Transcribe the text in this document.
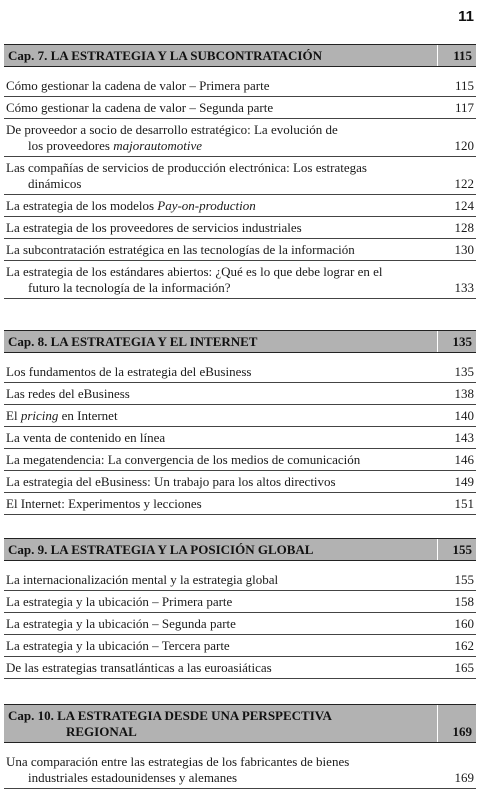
11
Cap. 7. LA ESTRATEGIA Y LA SUBCONTRATACIÓN	115
Cómo gestionar la cadena de valor – Primera parte	115
Cómo gestionar la cadena de valor – Segunda parte	117
De proveedor a socio de desarrollo estratégico: La evolución de
los proveedores majorautomotive	120
Las compañías de servicios de producción electrónica: Los estrategas
dinámicos	122
La estrategia de los modelos Pay-on-production	124
La estrategia de los proveedores de servicios industriales	128
La subcontratación estratégica en las tecnologías de la información	130
La estrategia de los estándares abiertos: ¿Qué es lo que debe lograr en el
futuro la tecnología de la información?	133
Cap. 8. LA ESTRATEGIA Y EL INTERNET	135
Los fundamentos de la estrategia del eBusiness	135
Las redes del eBusiness	138
El pricing en Internet	140
La venta de contenido en línea	143
La megatendencia: La convergencia de los medios de comunicación	146
La estrategia del eBusiness: Un trabajo para los altos directivos	149
El Internet: Experimentos y lecciones	151
Cap. 9. LA ESTRATEGIA Y LA POSICIÓN GLOBAL	155
La internacionalización mental y la estrategia global	155
La estrategia y la ubicación – Primera parte	158
La estrategia y la ubicación – Segunda parte	160
La estrategia y la ubicación – Tercera parte	162
De las estrategias transatlánticas a las euroasiáticas	165
Cap. 10. LA ESTRATEGIA DESDE UNA PERSPECTIVA
REGIONAL	169
Una comparación entre las estrategias de los fabricantes de bienes
industriales estadounidenses y alemanes	169
